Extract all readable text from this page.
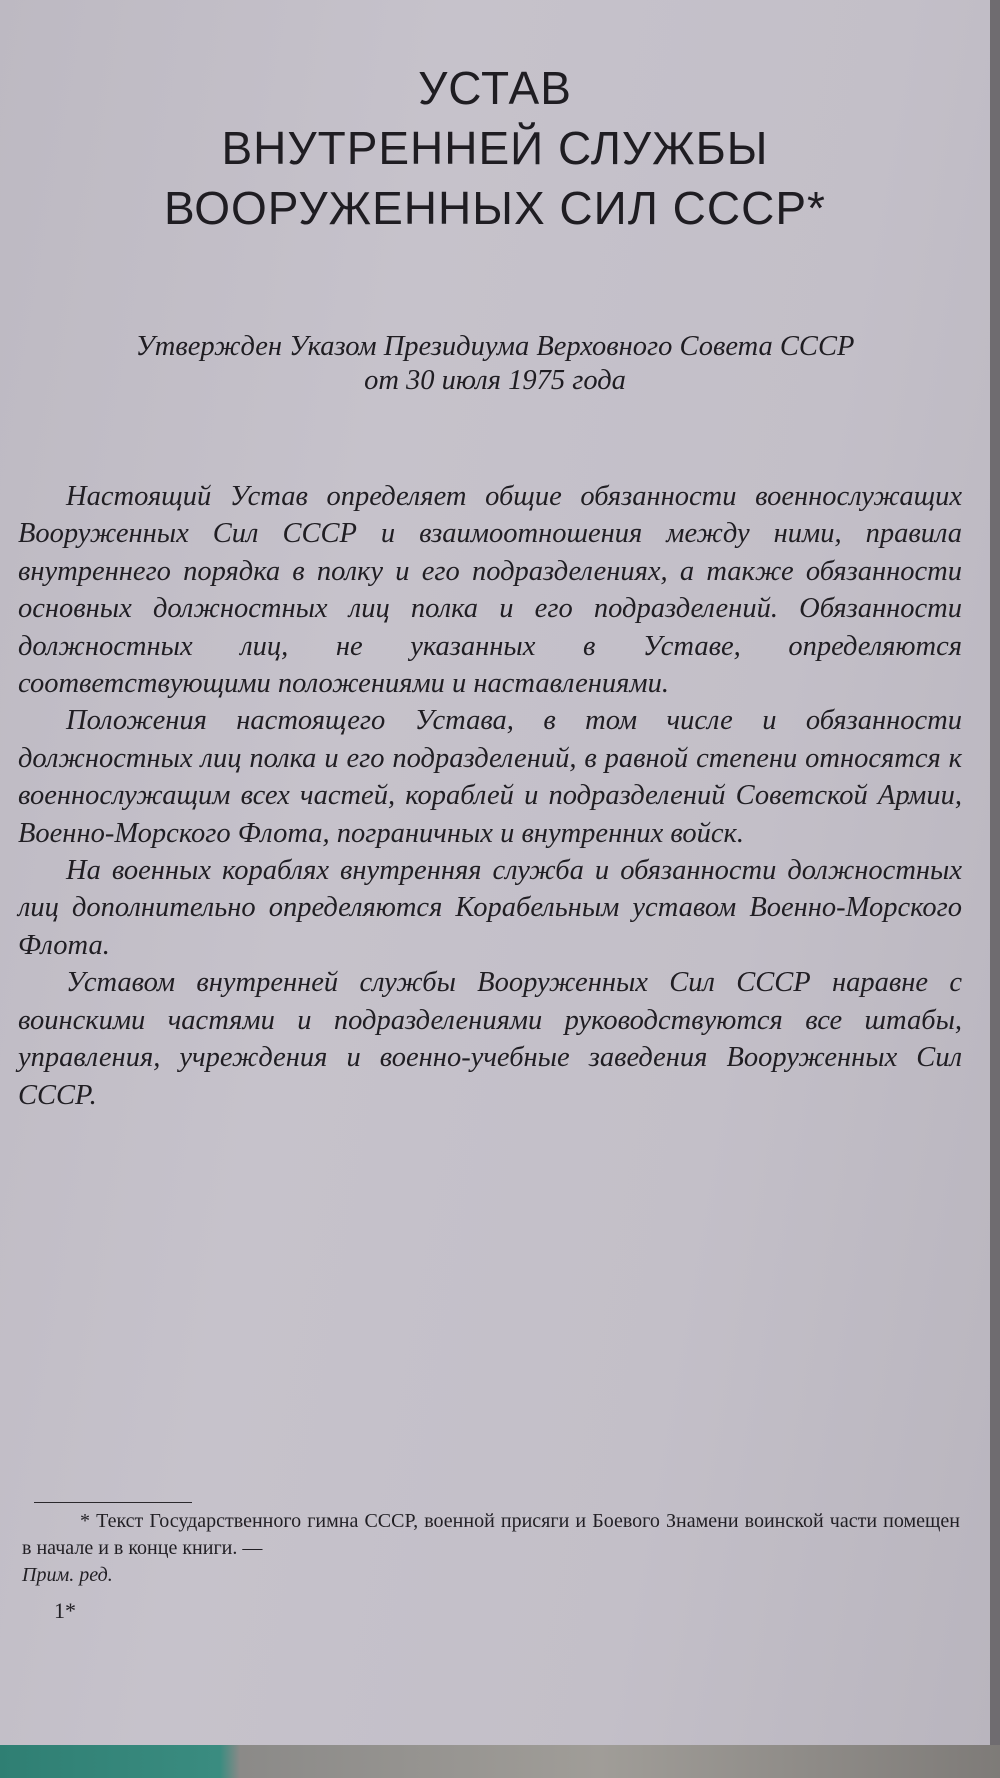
УСТАВ
ВНУТРЕННЕЙ СЛУЖБЫ
ВООРУЖЕННЫХ СИЛ СССР*
Утвержден Указом Президиума Верховного Совета СССР
от 30 июля 1975 года

Настоящий Устав определяет общие обязанности военнослужащих Вооруженных Сил СССР и взаимоотношения между ними, правила внутреннего порядка в полку и его подразделениях, а также обязанности основных должностных лиц полка и его подразделений. Обязанности должностных лиц, не указанных в Уставе, определяются соответствующими положениями и наставлениями.

Положения настоящего Устава, в том числе и обязанности должностных лиц полка и его подразделений, в равной степени относятся к военнослужащим всех частей, кораблей и подразделений Советской Армии, Военно-Морского Флота, пограничных и внутренних войск.

На военных кораблях внутренняя служба и обязанности должностных лиц дополнительно определяются Корабельным уставом Военно-Морского Флота.

Уставом внутренней службы Вооруженных Сил СССР наравне с воинскими частями и подразделениями руководствуются все штабы, управления, учреждения и военно-учебные заведения Вооруженных Сил СССР.

* Текст Государственного гимна СССР, военной присяги и Боевого Знамени воинской части помещен в начале и в конце книги. —

Прим. ред.
1*
